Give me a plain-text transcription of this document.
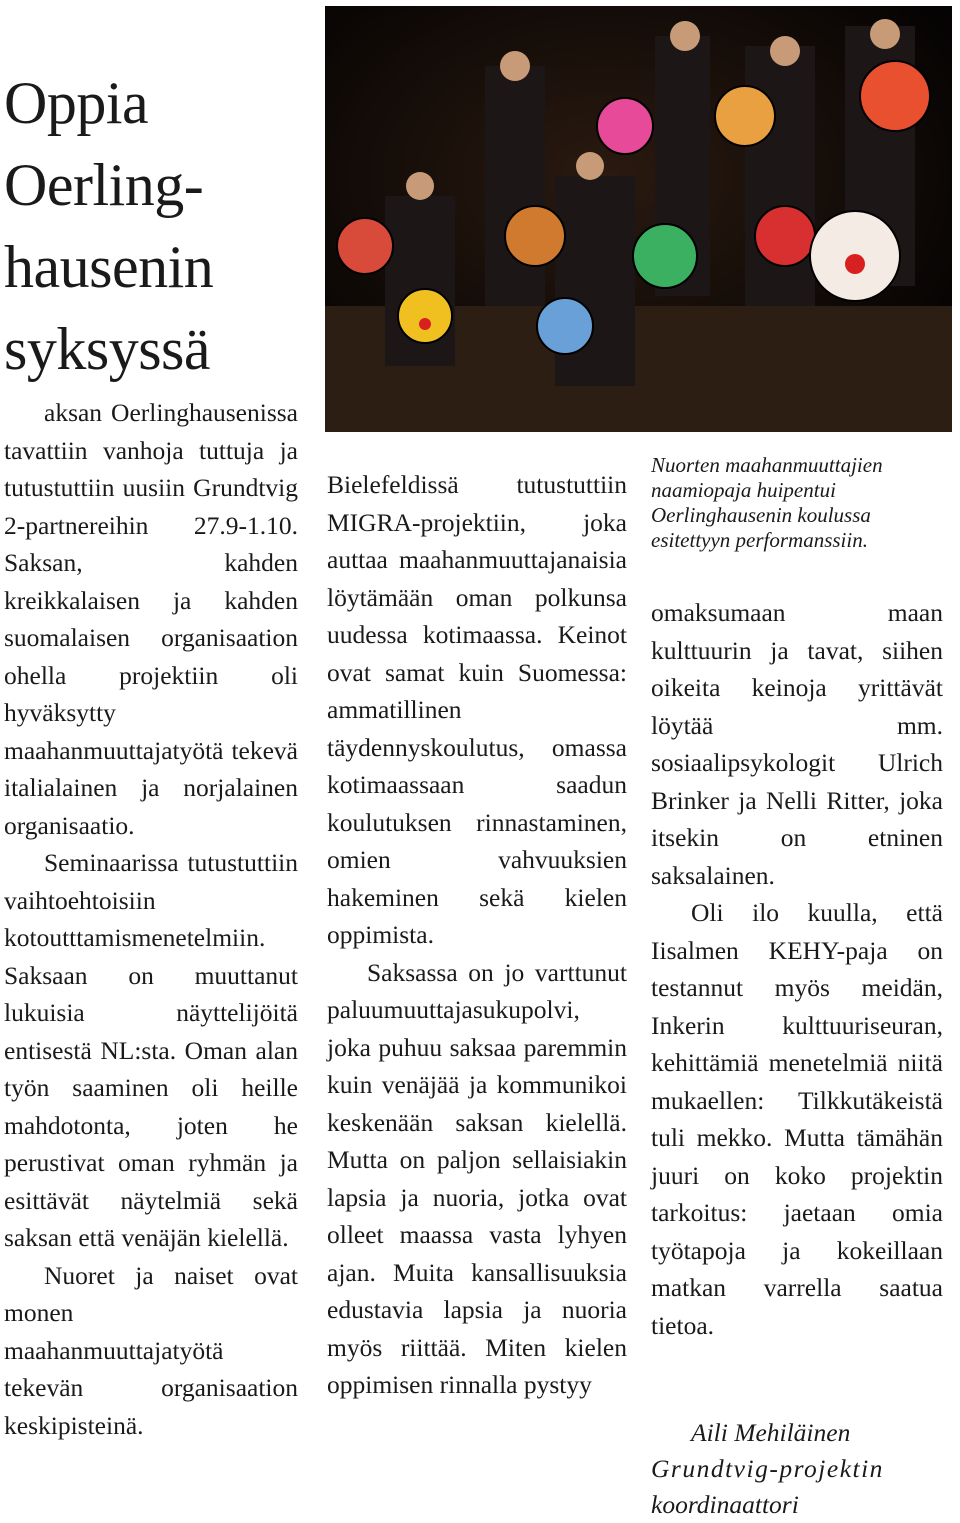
Oppia
Oerling-
hausenin
syksyssä

aksan Oerlinghausenissa tavattiin vanhoja tuttuja ja tutustuttiin uusiin Grundtvig 2-partnereihin 27.9-1.10. Saksan, kahden kreikkalaisen ja kahden suomalaisen organisaation ohella projektiin oli hyväksytty maahanmuuttajatyötä tekevä italialainen ja norjalainen organisaatio.

Seminaarissa tutustuttiin vaihtoehtoisiin kotoutttamismenetelmiin. Saksaan on muuttanut lukuisia näyttelijöitä entisestä NL:sta. Oman alan työn saaminen oli heille mahdotonta, joten he perustivat oman ryhmän ja esittävät näytelmiä sekä saksan että venäjän kielellä.

Nuoret ja naiset ovat monen maahanmuuttajatyötä tekevän organisaation keskipisteinä.

Bielefeldissä tutustuttiin MIGRA-projektiin, joka auttaa maahanmuuttajanaisia löytämään oman polkunsa uudessa kotimaassa. Keinot ovat samat kuin Suomessa: ammatillinen täydennyskoulutus, omassa kotimaassaan saadun koulutuksen rinnastaminen, omien vahvuuksien hakeminen sekä kielen oppimista.

Saksassa on jo varttunut paluumuuttajasukupolvi, joka puhuu saksaa paremmin kuin venäjää ja kommunikoi keskenään saksan kielellä. Mutta on paljon sellaisiakin lapsia ja nuoria, jotka ovat olleet maassa vasta lyhyen ajan. Muita kansallisuuksia edustavia lapsia ja nuoria myös riittää. Miten kielen oppimisen rinnalla pystyy

Nuorten maahanmuuttajien naamiopaja huipentui Oerlinghausenin koulussa esitettyyn performanssiin.

omaksumaan maan kulttuurin ja tavat, siihen oikeita keinoja yrittävät löytää mm. sosiaalipsykologit Ulrich Brinker ja Nelli Ritter, joka itsekin on etninen saksalainen.

Oli ilo kuulla, että Iisalmen KEHY-paja on testannut myös meidän, Inkerin kulttuuriseuran, kehittämiä menetelmiä niitä mukaellen: Tilkkutäkeistä tuli mekko. Mutta tämähän juuri on koko projektin tarkoitus: jaetaan omia työtapoja ja kokeillaan matkan varrella saatua tietoa.

Aili Mehiläinen
Grundtvig-projektin
koordinaattori
